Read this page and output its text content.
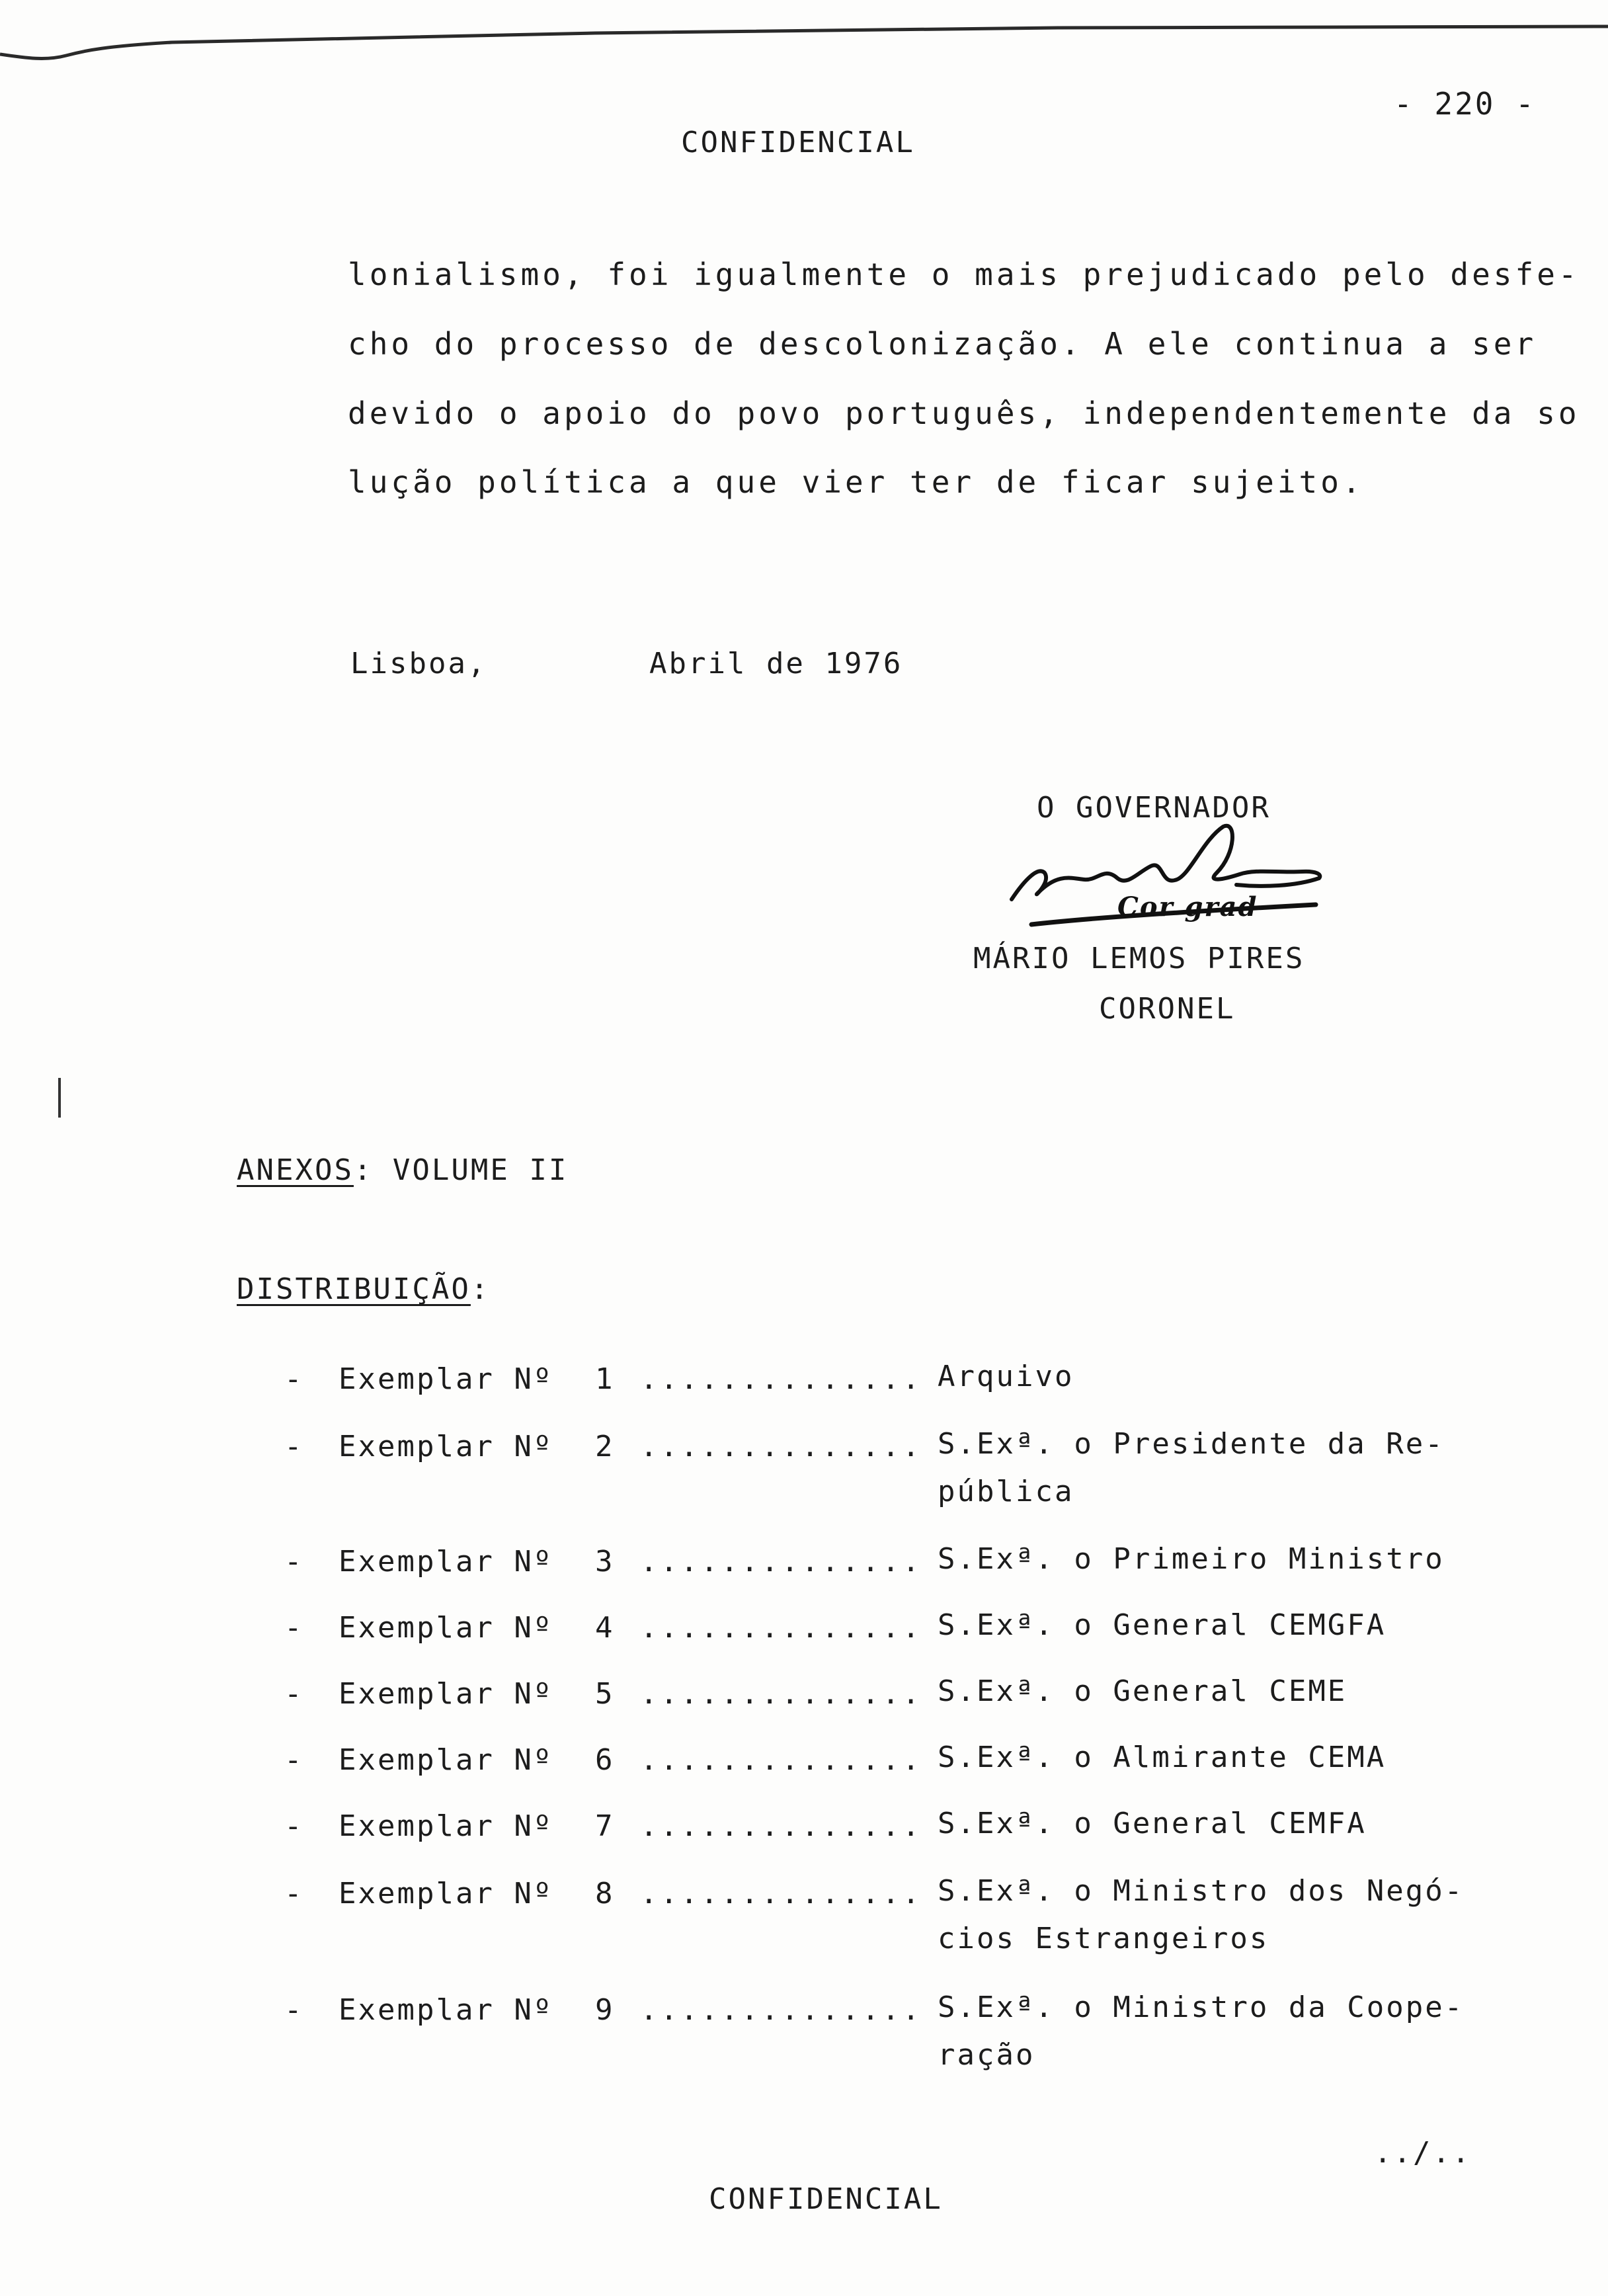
- 220 -
CONFIDENCIAL
lonialismo, foi igualmente o mais prejudicado pelo desfe-
cho do processo de descolonização. A ele continua a ser
devido o apoio do povo português, independentemente da so
lução política a que vier ter de ficar sujeito.
Lisboa,	Abril de 1976
O GOVERNADOR
Cor grad
MÁRIO LEMOS PIRES
CORONEL
ANEXOS: VOLUME II
DISTRIBUIÇÃO:
- Exemplar Nº 1 .............. Arquivo
- Exemplar Nº 2 .............. S.Exª. o Presidente da Re-
pública
- Exemplar Nº 3 .............. S.Exª. o Primeiro Ministro
- Exemplar Nº 4 .............. S.Exª. o General CEMGFA
- Exemplar Nº 5 .............. S.Exª. o General CEME
- Exemplar Nº 6 .............. S.Exª. o Almirante CEMA
- Exemplar Nº 7 .............. S.Exª. o General CEMFA
- Exemplar Nº 8 .............. S.Exª. o Ministro dos Negó-
cios Estrangeiros
- Exemplar Nº 9 .............. S.Exª. o Ministro da Coope-
ração
../..
CONFIDENCIAL
